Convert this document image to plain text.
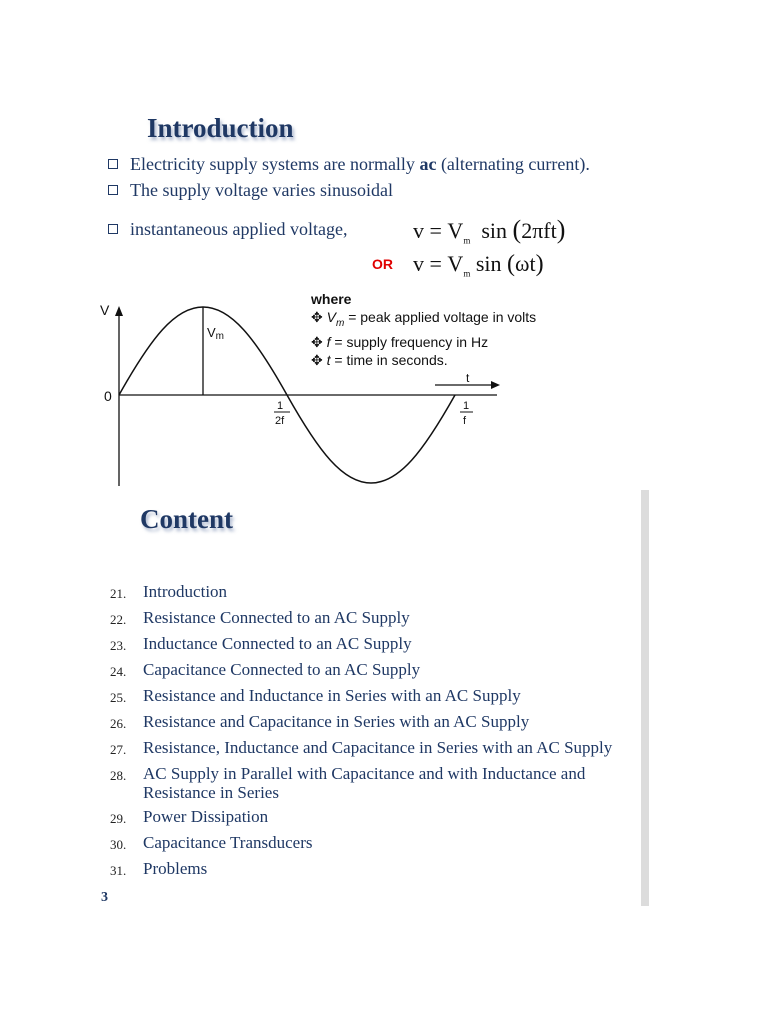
Introduction
Electricity supply systems are normally ac (alternating current).
The supply voltage varies sinusoidal
instantaneous applied voltage,	$v = V_m$ sin (2πft)
OR $v = V_m$ sin (ωt)
where
✥ $V_m$ = peak applied voltage in volts
✥ f = supply frequency in Hz
✥ t = time in seconds.
t
V
0
Vm
1
2f
1
f
Content
21. Introduction
22. Resistance Connected to an AC Supply
23. Inductance Connected to an AC Supply
24. Capacitance Connected to an AC Supply
25. Resistance and Inductance in Series with an AC Supply
26. Resistance and Capacitance in Series with an AC Supply
27. Resistance, Inductance and Capacitance in Series with an AC Supply
28. AC Supply in Parallel with Capacitance and with Inductance and Resistance in Series
29. Power Dissipation
30. Capacitance Transducers
31. Problems
3
